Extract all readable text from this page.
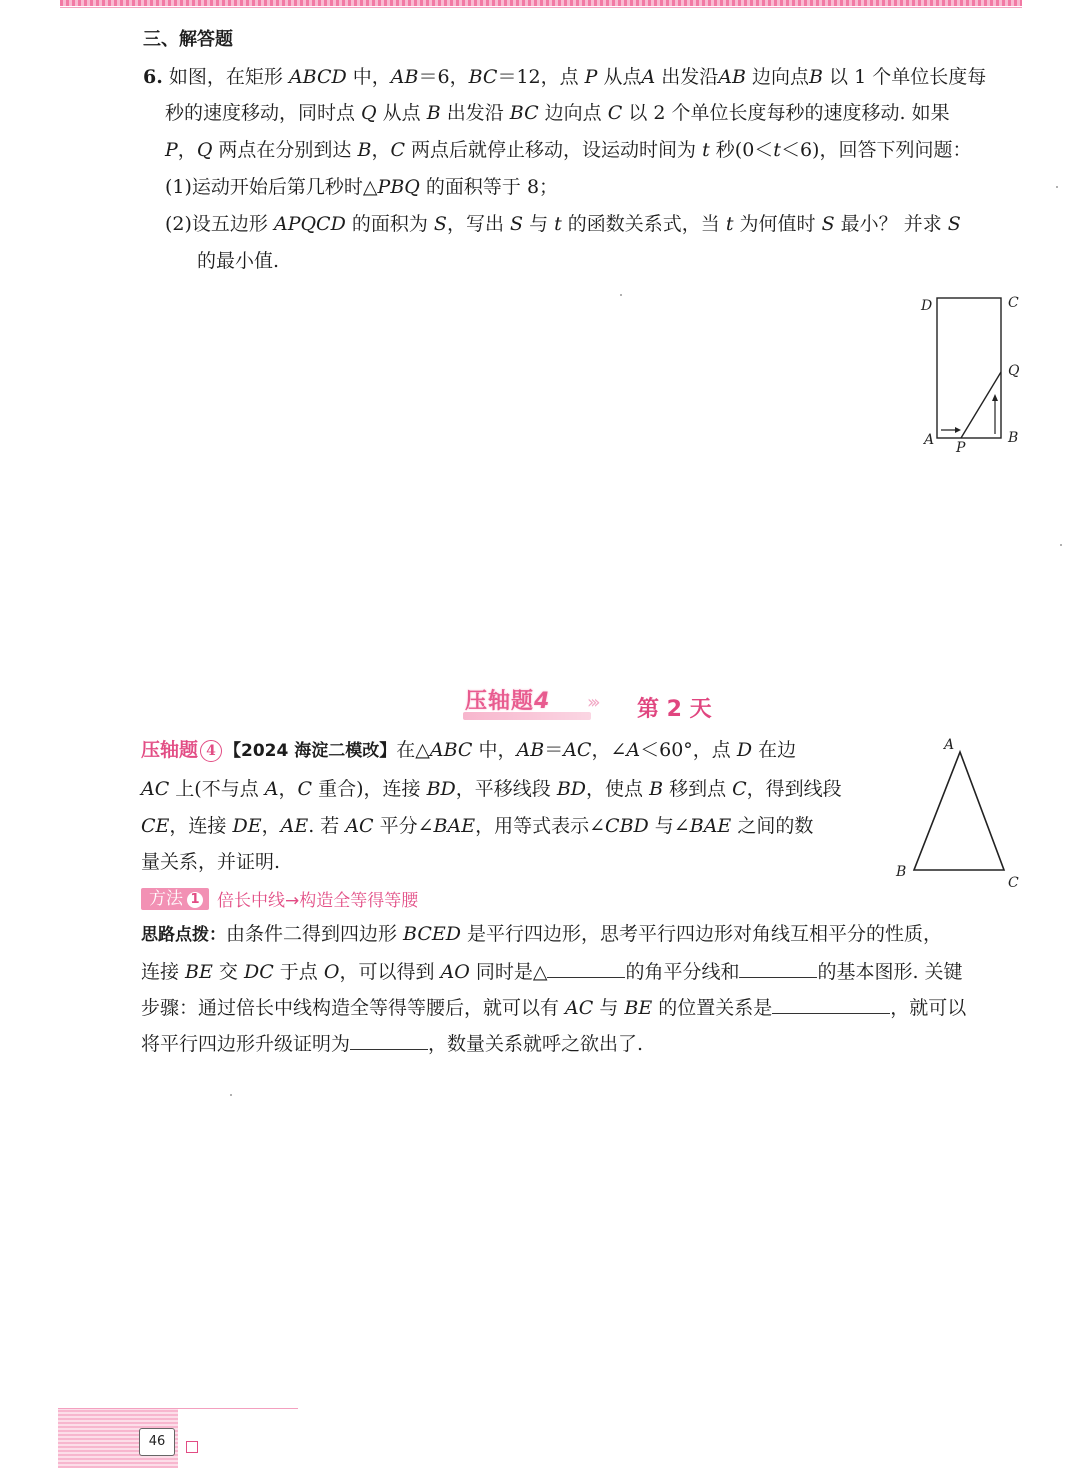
三、解答题
6. 如图，在矩形 ABCD 中，AB＝6，BC＝12，点 P 从点A 出发沿AB 边向点B 以 1 个单位长度每
秒的速度移动，同时点 Q 从点 B 出发沿 BC 边向点 C 以 2 个单位长度每秒的速度移动. 如果
P，Q 两点在分别到达 B，C 两点后就停止移动，设运动时间为 t 秒(0＜t＜6)，回答下列问题：
(1)运动开始后第几秒时△PBQ 的面积等于 8；
(2)设五边形 APQCD 的面积为 S，写出 S 与 t 的函数关系式，当 t 为何值时 S 最小？ 并求 S
的最小值.
D	C
Q
A P
B
压轴题4 ››› 第 2 天
压轴题 4 【2024 海淀二模改】在△ABC 中，AB＝AC，∠A＜60°，点 D 在边
AC 上(不与点 A，C 重合)，连接 BD，平移线段 BD，使点 B 移到点 C，得到线段
CE，连接 DE，AE. 若 AC 平分∠BAE，用等式表示∠CBD 与∠BAE 之间的数
量关系，并证明.
A
B
C
方法 1 倍长中线→构造全等得等腰
思路点拨：由条件二得到四边形 BCED 是平行四边形，思考平行四边形对角线互相平分的性质，
连接 BE 交 DC 于点 O，可以得到 AO 同时是△	的角平分线和	的基本图形. 关键
步骤：通过倍长中线构造全等得等腰后，就可以有 AC 与 BE 的位置关系是	，就可以
将平行四边形升级证明为	，数量关系就呼之欲出了.
46
